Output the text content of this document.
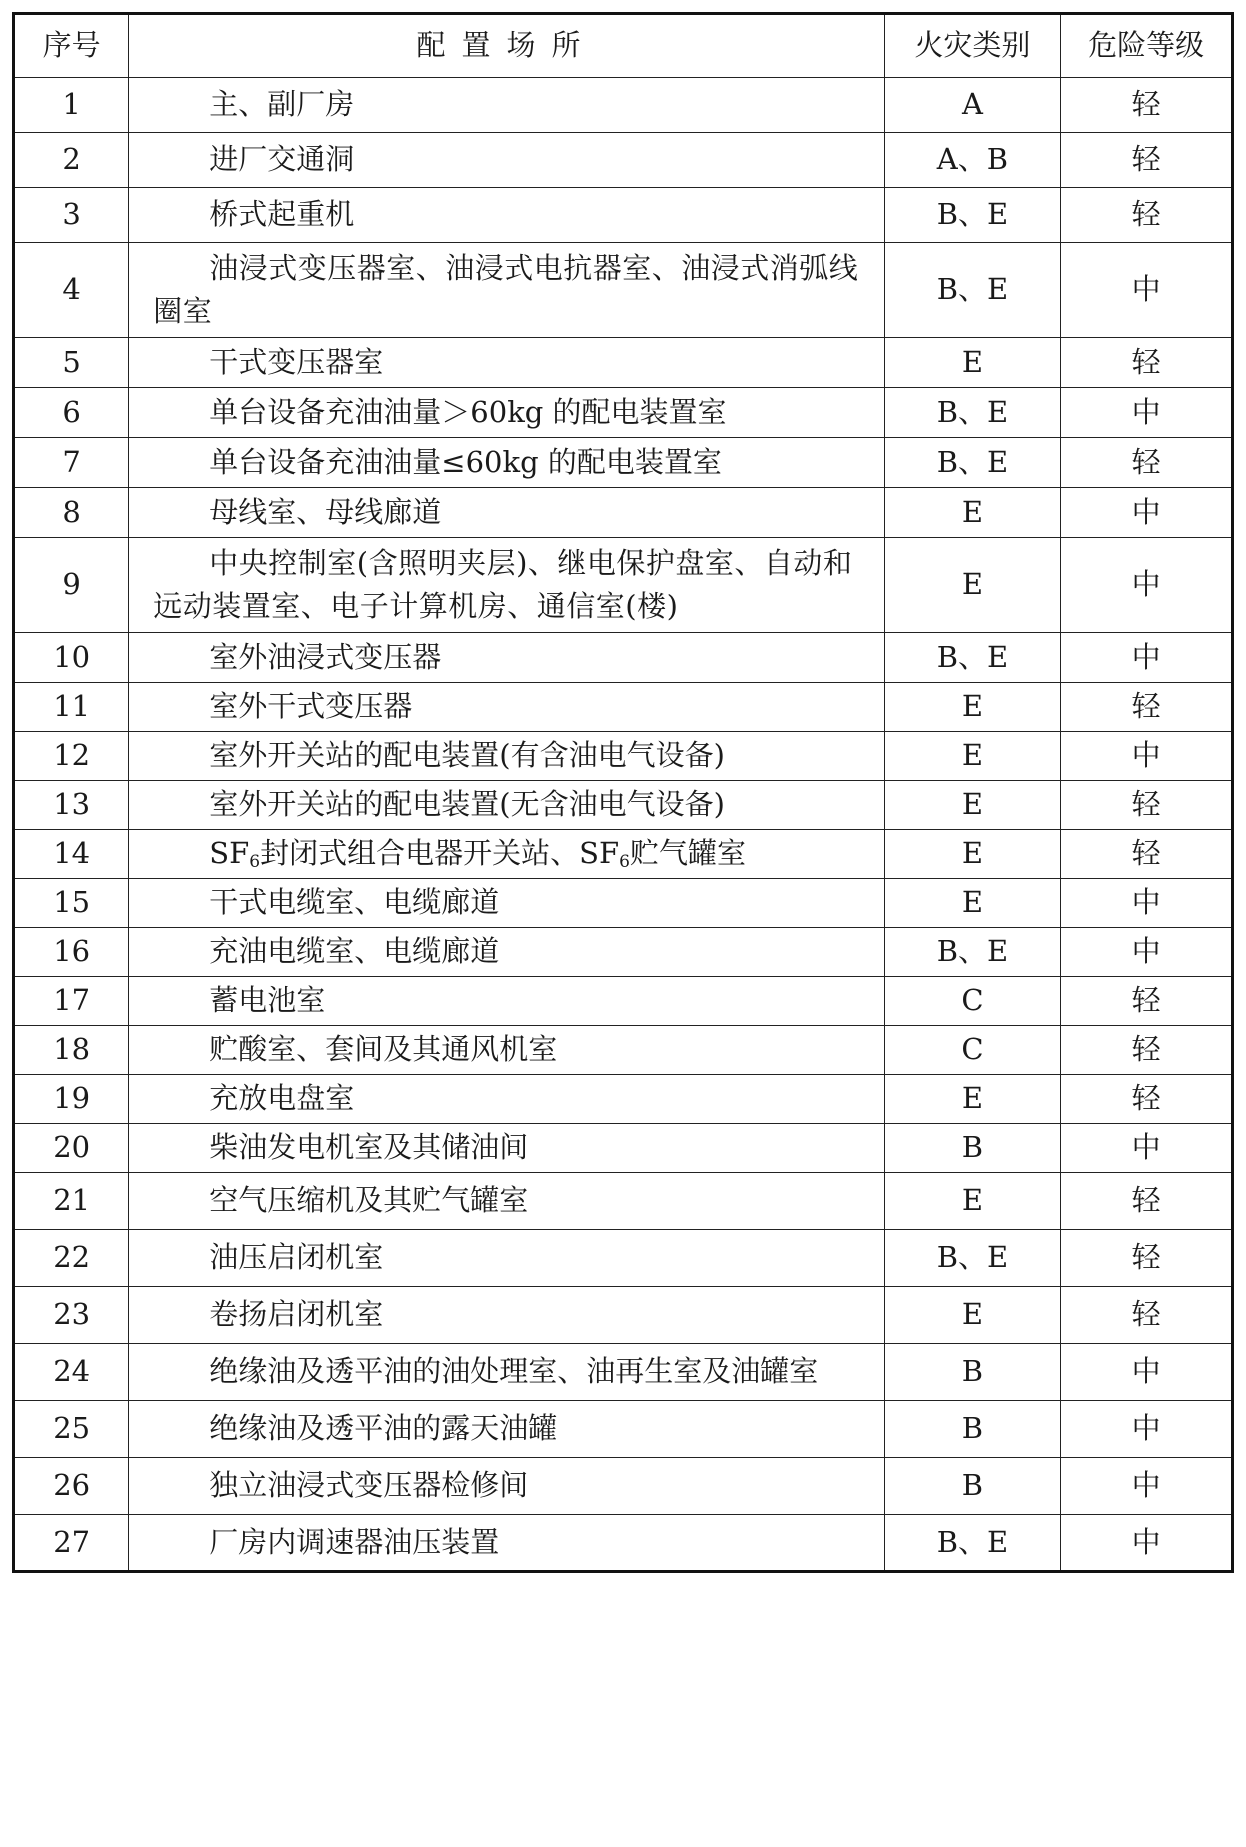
序号	配置场所	火灾类别	危险等级
1	主、副厂房	A	轻
2	进厂交通洞	A、B	轻
3	桥式起重机	B、E	轻
4	油浸式变压器室、油浸式电抗器室、油浸式消弧线圈室	B、E	中
5	干式变压器室	E	轻
6	单台设备充油油量＞60kg 的配电装置室	B、E	中
7	单台设备充油油量≤60kg 的配电装置室	B、E	轻
8	母线室、母线廊道	E	中
9	中央控制室(含照明夹层)、继电保护盘室、自动和远动装置室、电子计算机房、通信室(楼)	E	中
10	室外油浸式变压器	B、E	中
11	室外干式变压器	E	轻
12	室外开关站的配电装置(有含油电气设备)	E	中
13	室外开关站的配电装置(无含油电气设备)	E	轻
14	$SF_6$封闭式组合电器开关站、$SF_6$贮气罐室	E	轻
15	干式电缆室、电缆廊道	E	中
16	充油电缆室、电缆廊道	B、E	中
17	蓄电池室	C	轻
18	贮酸室、套间及其通风机室	C	轻
19	充放电盘室	E	轻
20	柴油发电机室及其储油间	B	中
21	空气压缩机及其贮气罐室	E	轻
22	油压启闭机室	B、E	轻
23	卷扬启闭机室	E	轻
24	绝缘油及透平油的油处理室、油再生室及油罐室	B	中
25	绝缘油及透平油的露天油罐	B	中
26	独立油浸式变压器检修间	B	中
27	厂房内调速器油压装置	B、E	中
